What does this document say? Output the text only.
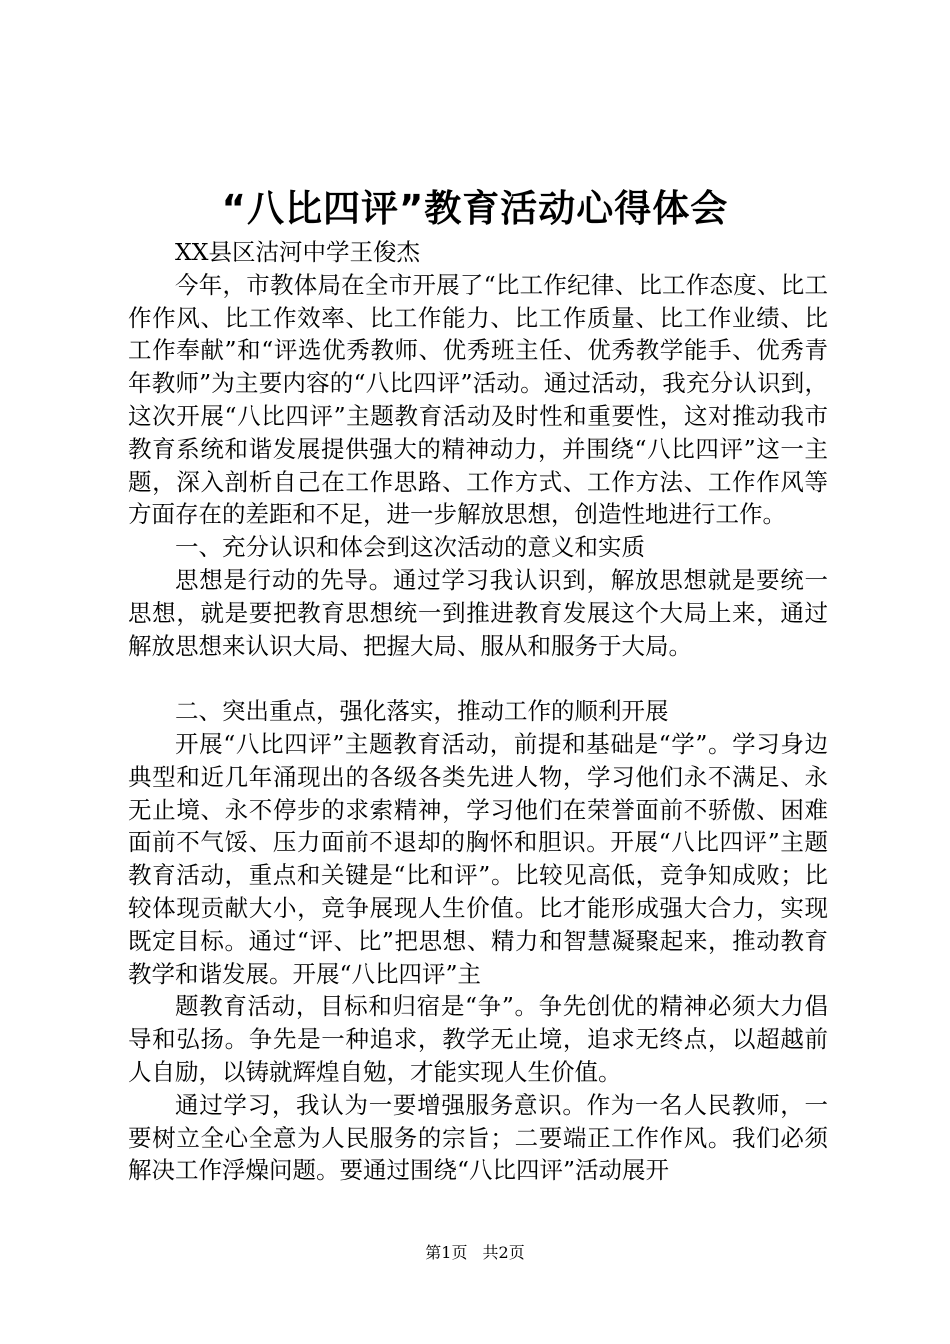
“八比四评”教育活动心得体会

XX县区沽河中学王俊杰

今年，市教体局在全市开展了“比工作纪律、比工作态度、比工作作风、比工作效率、比工作能力、比工作质量、比工作业绩、比工作奉献”和“评选优秀教师、优秀班主任、优秀教学能手、优秀青年教师”为主要内容的“八比四评”活动。通过活动，我充分认识到，这次开展“八比四评”主题教育活动及时性和重要性，这对推动我市教育系统和谐发展提供强大的精神动力，并围绕“八比四评”这一主题，深入剖析自己在工作思路、工作方式、工作方法、工作作风等方面存在的差距和不足，进一步解放思想，创造性地进行工作。

一、充分认识和体会到这次活动的意义和实质

思想是行动的先导。通过学习我认识到，解放思想就是要统一思想，就是要把教育思想统一到推进教育发展这个大局上来，通过解放思想来认识大局、把握大局、服从和服务于大局。

二、突出重点，强化落实，推动工作的顺利开展

开展“八比四评”主题教育活动，前提和基础是“学”。学习身边典型和近几年涌现出的各级各类先进人物，学习他们永不满足、永无止境、永不停步的求索精神，学习他们在荣誉面前不骄傲、困难面前不气馁、压力面前不退却的胸怀和胆识。开展“八比四评”主题教育活动，重点和关键是“比和评”。比较见高低，竞争知成败；比较体现贡献大小，竞争展现人生价值。比才能形成强大合力，实现既定目标。通过“评、比”把思想、精力和智慧凝聚起来，推动教育教学和谐发展。开展“八比四评”主

题教育活动，目标和归宿是“争”。争先创优的精神必须大力倡导和弘扬。争先是一种追求，教学无止境，追求无终点，以超越前人自励，以铸就辉煌自勉，才能实现人生价值。

通过学习，我认为一要增强服务意识。作为一名人民教师，一要树立全心全意为人民服务的宗旨；二要端正工作作风。我们必须解决工作浮燥问题。要通过围绕“八比四评”活动展开

第1页 共2页
